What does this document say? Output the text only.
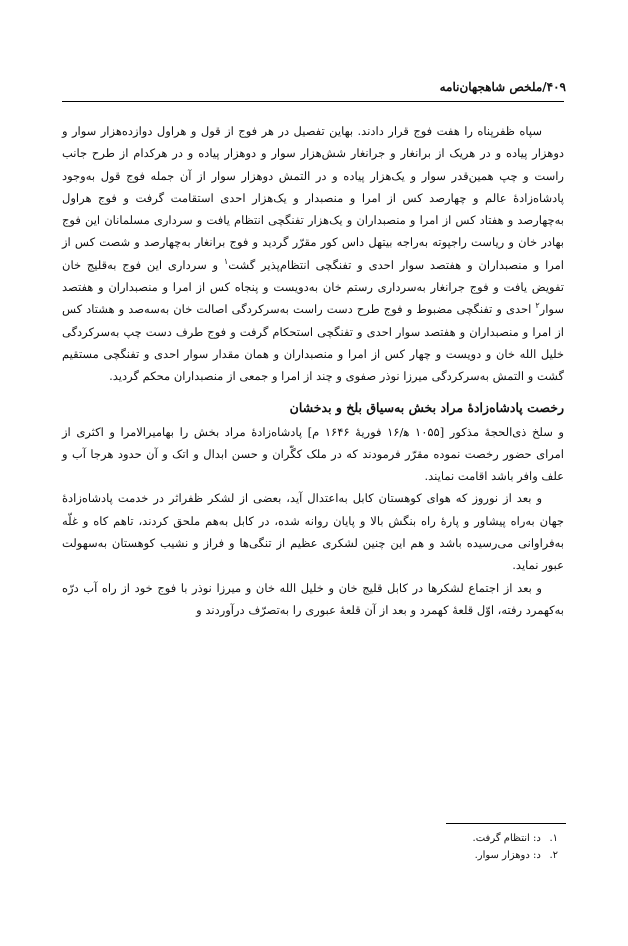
۴۰۹/ملخص شاهجهان‌نامه

سپاه ظفرپناه را هفت فوج قرار دادند. بهاین تفصیل در هر فوج از قول و هراول دوازده‌هزار سوار و دوهزار پیاده و در هریک از برانغار و جرانغار شش‌هزار سوار و دوهزار پیاده و در هرکدام از طرح جانب راست و چپ همین‌قدر سوار و یک‌هزار پیاده و در التمش دوهزار سوار از آن جمله فوج قول به‌وجود پادشاه‌زادهٔ عالم و چهارصد کس از امرا و منصبدار و یک‌هزار احدی استقامت گرفت و فوج هراول به‌چهارصد و هفتاد کس از امرا و منصبداران و یک‌هزار تفنگچی انتظام یافت و سرداری مسلمانان این فوج بهادر خان و ریاست راجپوته به‌راجه بیتهل داس کور مقرّر گردید و فوج برانغار به‌چهارصد و شصت کس از امرا و منصبداران و هفتصد سوار احدی و تفنگچی انتظام‌پذیر گشت$^۱$ و سرداری این فوج به‌قلیج خان تفویض یافت و فوج جرانغار به‌سرداری رستم خان به‌دویست و پنجاه کس از امرا و منصبداران و هفتصد سوار$^۲$ احدی و تفنگچی مضبوط و فوج طرح دست راست به‌سرکردگی اصالت خان به‌سه‌صد و هشتاد کس از امرا و منصبداران و هفتصد سوار احدی و تفنگچی استحکام گرفت و فوج طرف دست چپ به‌سرکردگی خلیل الله خان و دویست و چهار کس از امرا و منصبداران و همان مقدار سوار احدی و تفنگچی مستقیم گشت و التمش به‌سرکردگی میرزا نوذر صفوی و چند از امرا و جمعی از منصبداران محکم گردید.

رخصت پادشاه‌زادهٔ مراد بخش به‌سیاق بلخ و بدخشان

و سلخ ذی‌الحجهٔ مذکور [۱۰۵۵ ه‍/۱۶ فوریهٔ ۱۶۴۶ م] پادشاه‌زادهٔ مراد بخش را بهامیرالامرا و اکثری از امرای حضور رخصت نموده مقرّر فرمودند که در ملک کگّران و حسن ابدال و اتک و آن حدود هرجا آب و علف وافر باشد اقامت نمایند.

و بعد از نوروز که هوای کوهستان کابل به‌اعتدال آید، بعضی از لشکر ظفراثر در خدمت پادشاه‌زادهٔ جهان به‌راه پیشاور و پارهٔ راه بنگش بالا و پایان روانه شده، در کابل به‌هم ملحق کردند، تاهم کاه و غلّه به‌فراوانی می‌رسیده باشد و هم این چنین لشکری عظیم از تنگی‌ها و فراز و نشیب کوهستان به‌سهولت عبور نماید.

و بعد از اجتماع لشکرها در کابل قلیج خان و خلیل الله خان و میرزا نوذر با فوج خود از راه آب درّه به‌کهمرد رفته، اوّل قلعهٔ کهمرد و بعد از آن قلعهٔ عبوری را به‌تصرّف درآوردند و

۱. د: انتظام گرفت.

۲. د: دوهزار سوار.
